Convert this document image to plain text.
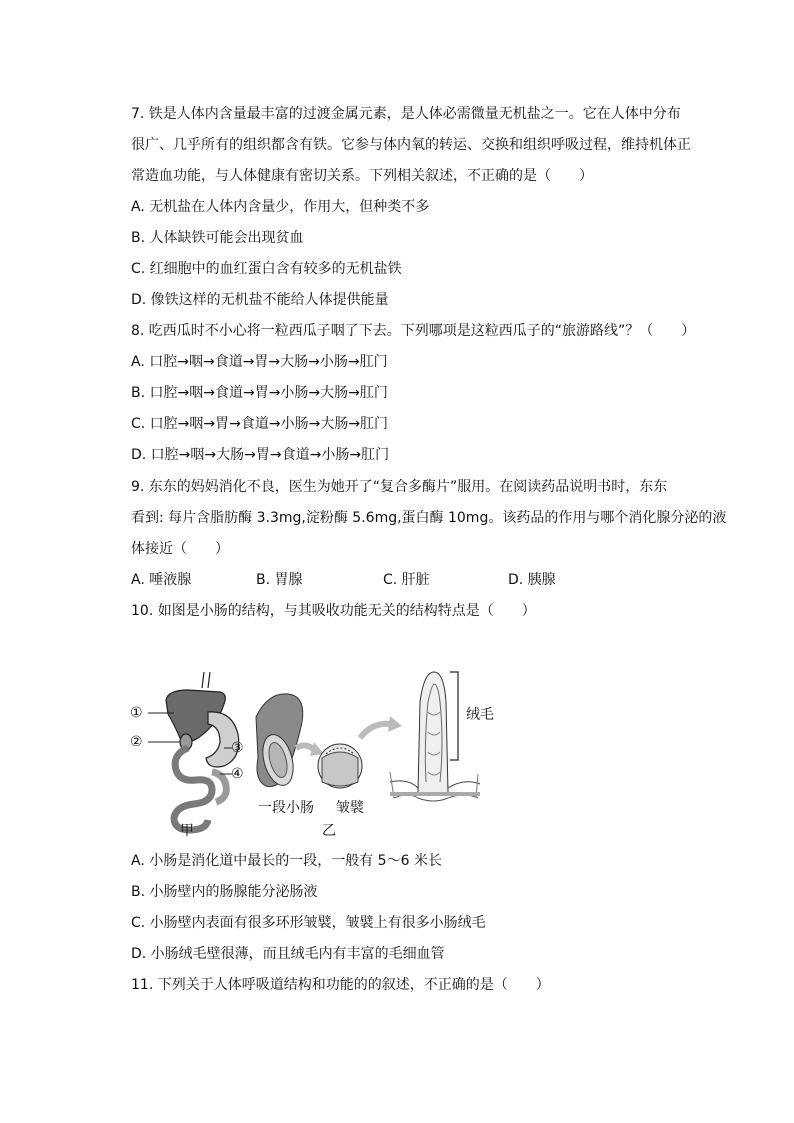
7. 铁是人体内含量最丰富的过渡金属元素，是人体必需微量无机盐之一。它在人体中分布
很广、几乎所有的组织都含有铁。它参与体内氧的转运、交换和组织呼吸过程，维持机体正
常造血功能，与人体健康有密切关系。下列相关叙述，不正确的是（　　）
A. 无机盐在人体内含量少，作用大，但种类不多
B. 人体缺铁可能会出现贫血
C. 红细胞中的血红蛋白含有较多的无机盐铁
D. 像铁这样的无机盐不能给人体提供能量
8. 吃西瓜时不小心将一粒西瓜子咽了下去。下列哪项是这粒西瓜子的“旅游路线”？（　　）
A. 口腔→咽→食道→胃→大肠→小肠→肛门
B. 口腔→咽→食道→胃→小肠→大肠→肛门
C. 口腔→咽→胃→食道→小肠→大肠→肛门
D. 口腔→咽→大肠→胃→食道→小肠→肛门
9. 东东的妈妈消化不良，医生为她开了“复合多酶片”服用。在阅读药品说明书时，东东
看到: 每片含脂肪酶 3.3mg,淀粉酶 5.6mg,蛋白酶 10mg。该药品的作用与哪个消化腺分泌的液
体接近（　　）
A. 唾液腺	B. 胃腺	C. 肝脏	D. 胰腺
10. 如图是小肠的结构，与其吸收功能无关的结构特点是（　　）
①
②	③
④
绒毛
一段小肠 皱襞
甲	乙
A. 小肠是消化道中最长的一段，一般有 5～6 米长
B. 小肠壁内的肠腺能分泌肠液
C. 小肠壁内表面有很多环形皱襞，皱襞上有很多小肠绒毛
D. 小肠绒毛壁很薄，而且绒毛内有丰富的毛细血管
11. 下列关于人体呼吸道结构和功能的的叙述，不正确的是（　　）
